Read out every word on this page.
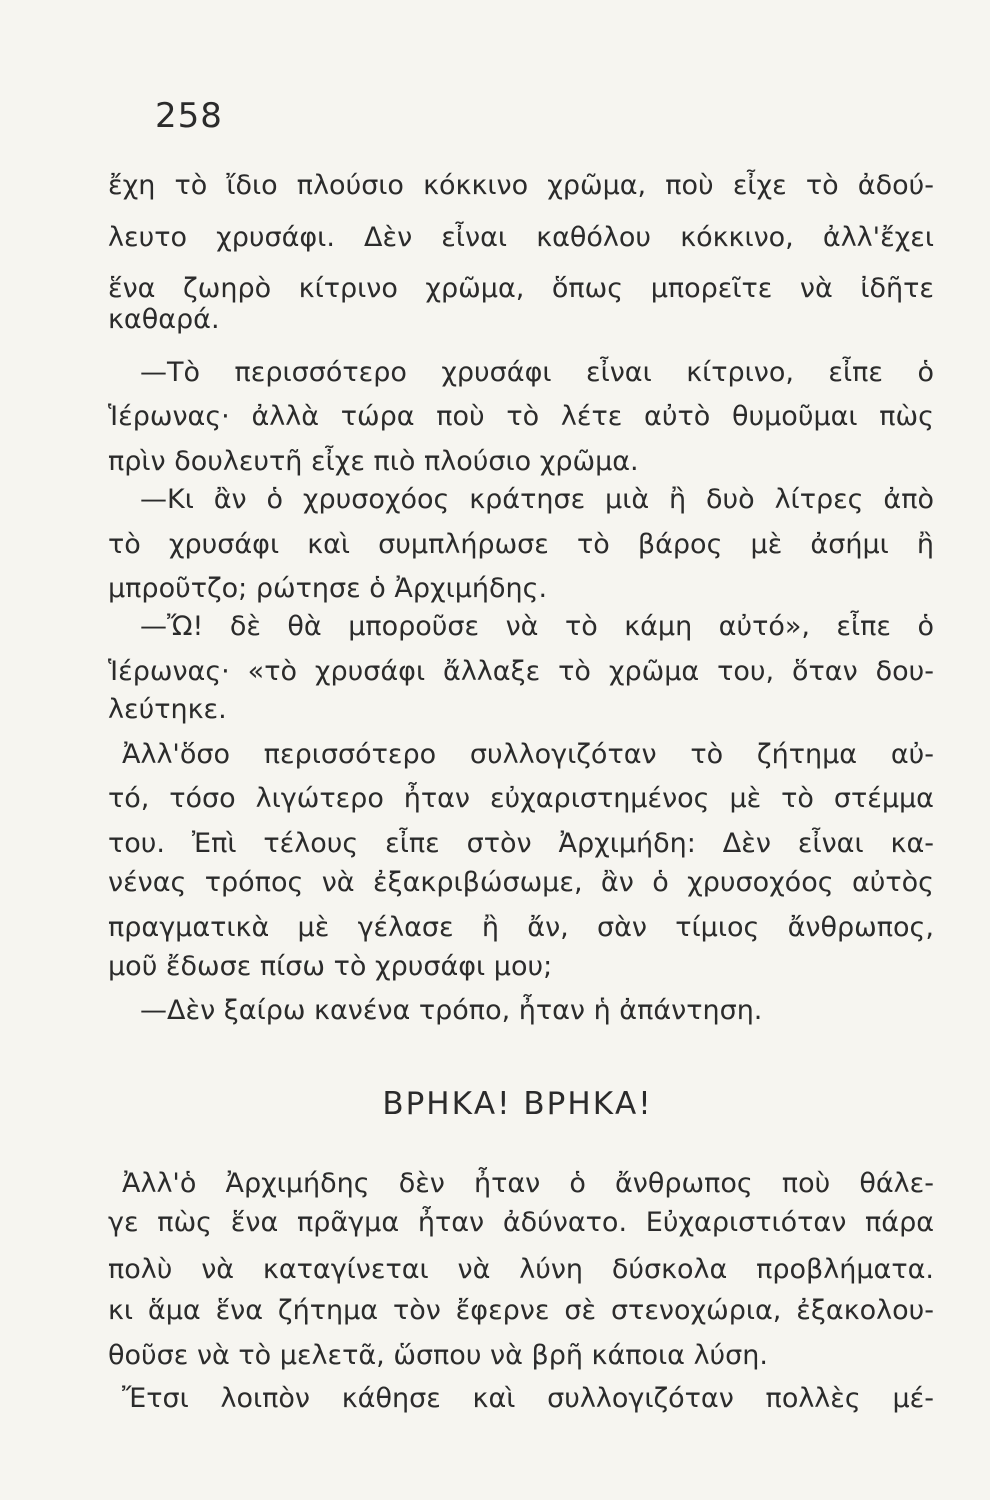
258
ἔχη τὸ ἴδιο πλούσιο κόκκινο χρῶμα, ποὺ εἶχε τὸ ἀδού-
λευτο χρυσάφι. Δὲν εἶναι καθόλου κόκκινο, ἀλλ'ἔχει
ἕνα ζωηρὸ κίτρινο χρῶμα, ὅπως μπορεῖτε νὰ ἰδῆτε
καθαρά.
—Τὸ περισσότερο χρυσάφι εἶναι κίτρινο, εἶπε ὁ
Ἱέρωνας· ἀλλὰ τώρα ποὺ τὸ λέτε αὐτὸ θυμοῦμαι πὼς
πρὶν δουλευτῆ εἶχε πιὸ πλούσιο χρῶμα.
—Κι ἂν ὁ χρυσοχόος κράτησε μιὰ ἢ δυὸ λίτρες ἀπὸ
τὸ χρυσάφι καὶ συμπλήρωσε τὸ βάρος μὲ ἀσήμι ἢ
μπροῦτζο; ρώτησε ὁ Ἀρχιμήδης.
—Ὤ! δὲ θὰ μποροῦσε νὰ τὸ κάμη αὐτό», εἶπε ὁ
Ἱέρωνας· «τὸ χρυσάφι ἄλλαξε τὸ χρῶμα του, ὅταν δου-
λεύτηκε.
Ἀλλ'ὅσο περισσότερο συλλογιζόταν τὸ ζήτημα αὐ-
τό, τόσο λιγώτερο ἦταν εὐχαριστημένος μὲ τὸ στέμμα
του. Ἐπὶ τέλους εἶπε στὸν Ἀρχιμήδη: Δὲν εἶναι κα-
νένας τρόπος νὰ ἐξακριβώσωμε, ἂν ὁ χρυσοχόος αὐτὸς
πραγματικὰ μὲ γέλασε ἢ ἄν, σὰν τίμιος ἄνθρωπος,
μοῦ ἔδωσε πίσω τὸ χρυσάφι μου;
—Δὲν ξαίρω κανένα τρόπο, ἦταν ἡ ἀπάντηση.
ΒΡΗΚΑ! ΒΡΗΚΑ!
Ἀλλ'ὁ Ἀρχιμήδης δὲν ἦταν ὁ ἄνθρωπος ποὺ θάλε-
γε πὼς ἕνα πρᾶγμα ἦταν ἀδύνατο. Εὐχαριστιόταν πάρα
πολὺ νὰ καταγίνεται νὰ λύνη δύσκολα προβλήματα.
κι ἅμα ἕνα ζήτημα τὸν ἔφερνε σὲ στενοχώρια, ἐξακολου-
θοῦσε νὰ τὸ μελετᾶ, ὥσπου νὰ βρῆ κάποια λύση.
Ἔτσι λοιπὸν κάθησε καὶ συλλογιζόταν πολλὲς μέ-
